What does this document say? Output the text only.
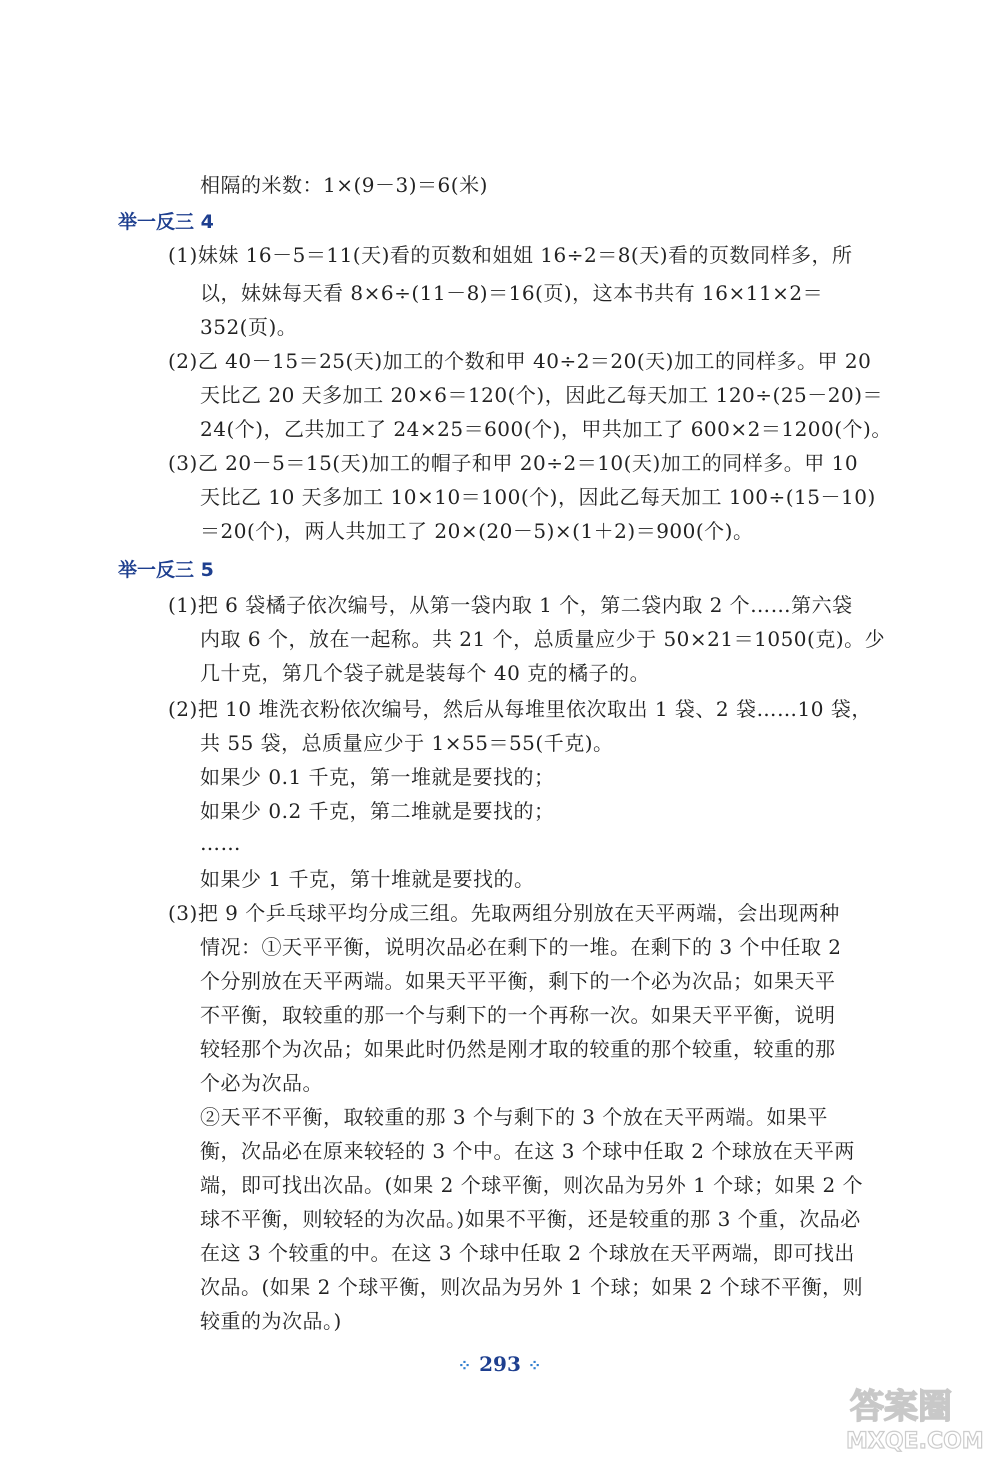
相隔的米数：1×(9－3)＝6(米)
举一反三 4
(1)妹妹 16－5＝11(天)看的页数和姐姐 16÷2＝8(天)看的页数同样多，所
以，妹妹每天看 8×6÷(11－8)＝16(页)，这本书共有 16×11×2＝
352(页)。
(2)乙 40－15＝25(天)加工的个数和甲 40÷2＝20(天)加工的同样多。甲 20
天比乙 20 天多加工 20×6＝120(个)，因此乙每天加工 120÷(25－20)＝
24(个)，乙共加工了 24×25＝600(个)，甲共加工了 600×2＝1200(个)。
(3)乙 20－5＝15(天)加工的帽子和甲 20÷2＝10(天)加工的同样多。甲 10
天比乙 10 天多加工 10×10＝100(个)，因此乙每天加工 100÷(15－10)
＝20(个)，两人共加工了 20×(20－5)×(1＋2)＝900(个)。
举一反三 5
(1)把 6 袋橘子依次编号，从第一袋内取 1 个，第二袋内取 2 个……第六袋
内取 6 个，放在一起称。共 21 个，总质量应少于 50×21＝1050(克)。少
几十克，第几个袋子就是装每个 40 克的橘子的。
(2)把 10 堆洗衣粉依次编号，然后从每堆里依次取出 1 袋、2 袋……10 袋，
共 55 袋，总质量应少于 1×55＝55(千克)。
如果少 0.1 千克，第一堆就是要找的；
如果少 0.2 千克，第二堆就是要找的；
……
如果少 1 千克，第十堆就是要找的。
(3)把 9 个乒乓球平均分成三组。先取两组分别放在天平两端，会出现两种
情况：①天平平衡，说明次品必在剩下的一堆。在剩下的 3 个中任取 2
个分别放在天平两端。如果天平平衡，剩下的一个必为次品；如果天平
不平衡，取较重的那一个与剩下的一个再称一次。如果天平平衡，说明
较轻那个为次品；如果此时仍然是刚才取的较重的那个较重，较重的那
个必为次品。
②天平不平衡，取较重的那 3 个与剩下的 3 个放在天平两端。如果平
衡，次品必在原来较轻的 3 个中。在这 3 个球中任取 2 个球放在天平两
端，即可找出次品。(如果 2 个球平衡，则次品为另外 1 个球；如果 2 个
球不平衡，则较轻的为次品。)如果不平衡，还是较重的那 3 个重，次品必
在这 3 个较重的中。在这 3 个球中任取 2 个球放在天平两端，即可找出
次品。(如果 2 个球平衡，则次品为另外 1 个球；如果 2 个球不平衡，则
较重的为次品。)
⁘ 293 ⁘
答案圈
MXQE.COM
